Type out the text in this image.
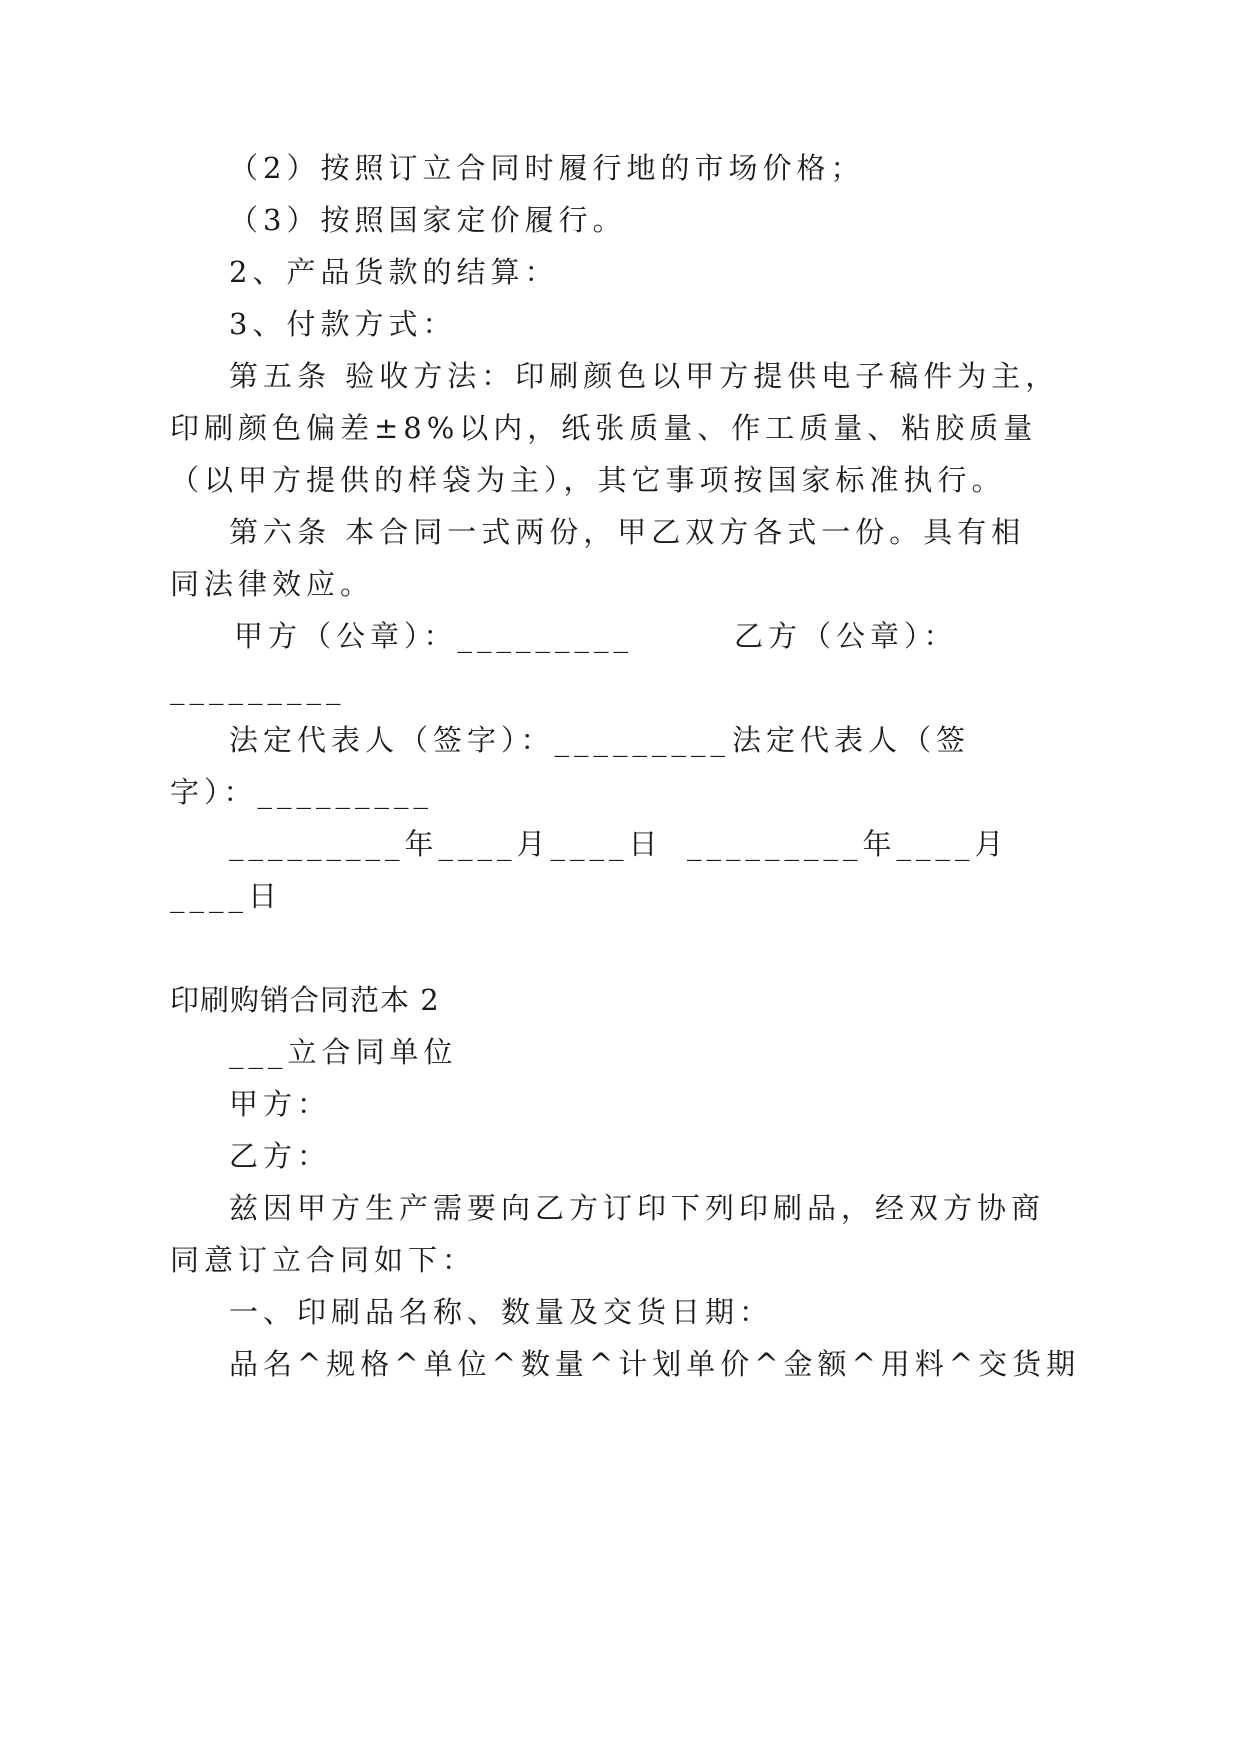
（2）按照订立合同时履行地的市场价格；
（3）按照国家定价履行。
2、产品货款的结算：
3、付款方式：
第五条 验收方法：印刷颜色以甲方提供电子稿件为主，
印刷颜色偏差±8%以内，纸张质量、作工质量、粘胶质量
（以甲方提供的样袋为主），其它事项按国家标准执行。
第六条 本合同一式两份，甲乙双方各式一份。具有相
同法律效应。
甲方（公章）：_________	乙方（公章）：
_________
法定代表人（签字）：_________ 法定代表人（签
字）：_________
_________年____月____日 _________年____月
____日
印刷购销合同范本 2
___立合同单位
甲方：
乙方：
兹因甲方生产需要向乙方订印下列印刷品，经双方协商
同意订立合同如下：
一、印刷品名称、数量及交货日期：
品名^规格^单位^数量^计划单价^金额^用料^交货期
